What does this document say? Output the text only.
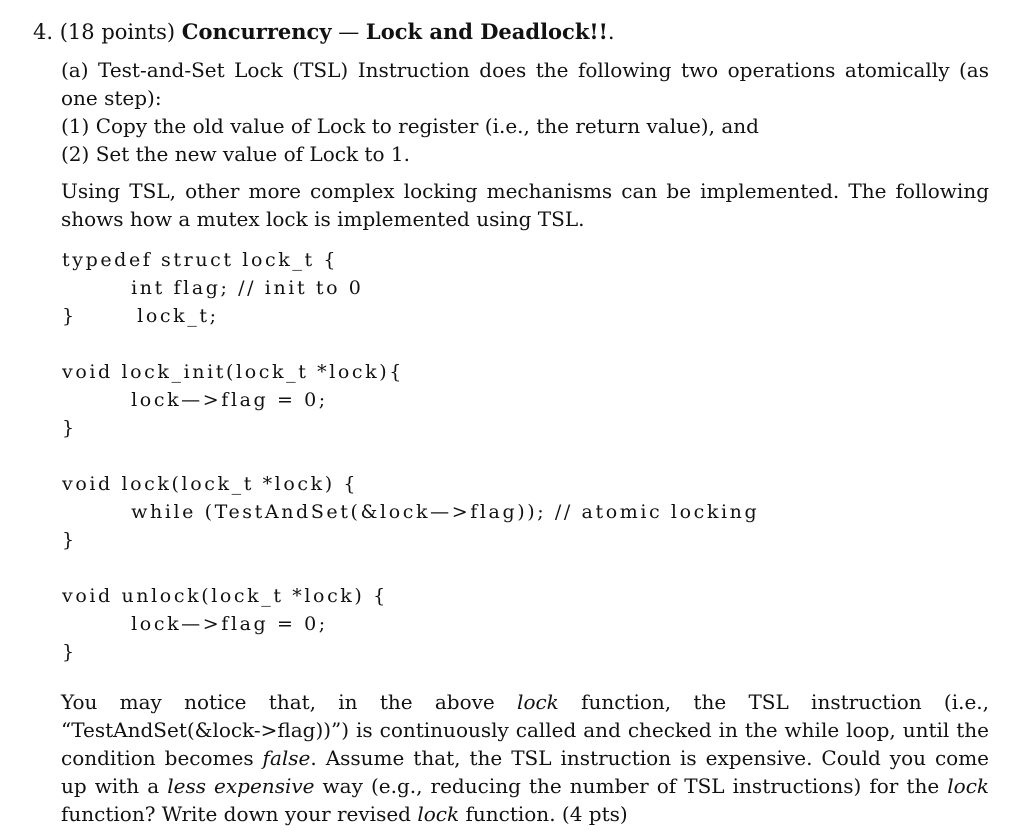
4. (18 points) Concurrency — Lock and Deadlock!!.

(a) Test-and-Set Lock (TSL) Instruction does the following two operations atomically (as one step):

(1) Copy the old value of Lock to register (i.e., the return value), and

(2) Set the new value of Lock to 1.

Using TSL, other more complex locking mechanisms can be implemented. The following shows how a mutex lock is implemented using TSL.

typedef struct lock_t {
int flag; // init to 0
}       lock_t;
void lock_init(lock_t *lock){
lock—>flag = 0;
}
void lock(lock_t *lock) {
while (TestAndSet(&lock—>flag)); // atomic locking
}
void unlock(lock_t *lock) {
lock—>flag = 0;
}

You may notice that, in the above lock function, the TSL instruction (i.e., “TestAndSet(&lock->flag))”) is continuously called and checked in the while loop, until the condition becomes false. Assume that, the TSL instruction is expensive. Could you come up with a less expensive way (e.g., reducing the number of TSL instructions) for the lock function? Write down your revised lock function. (4 pts)
